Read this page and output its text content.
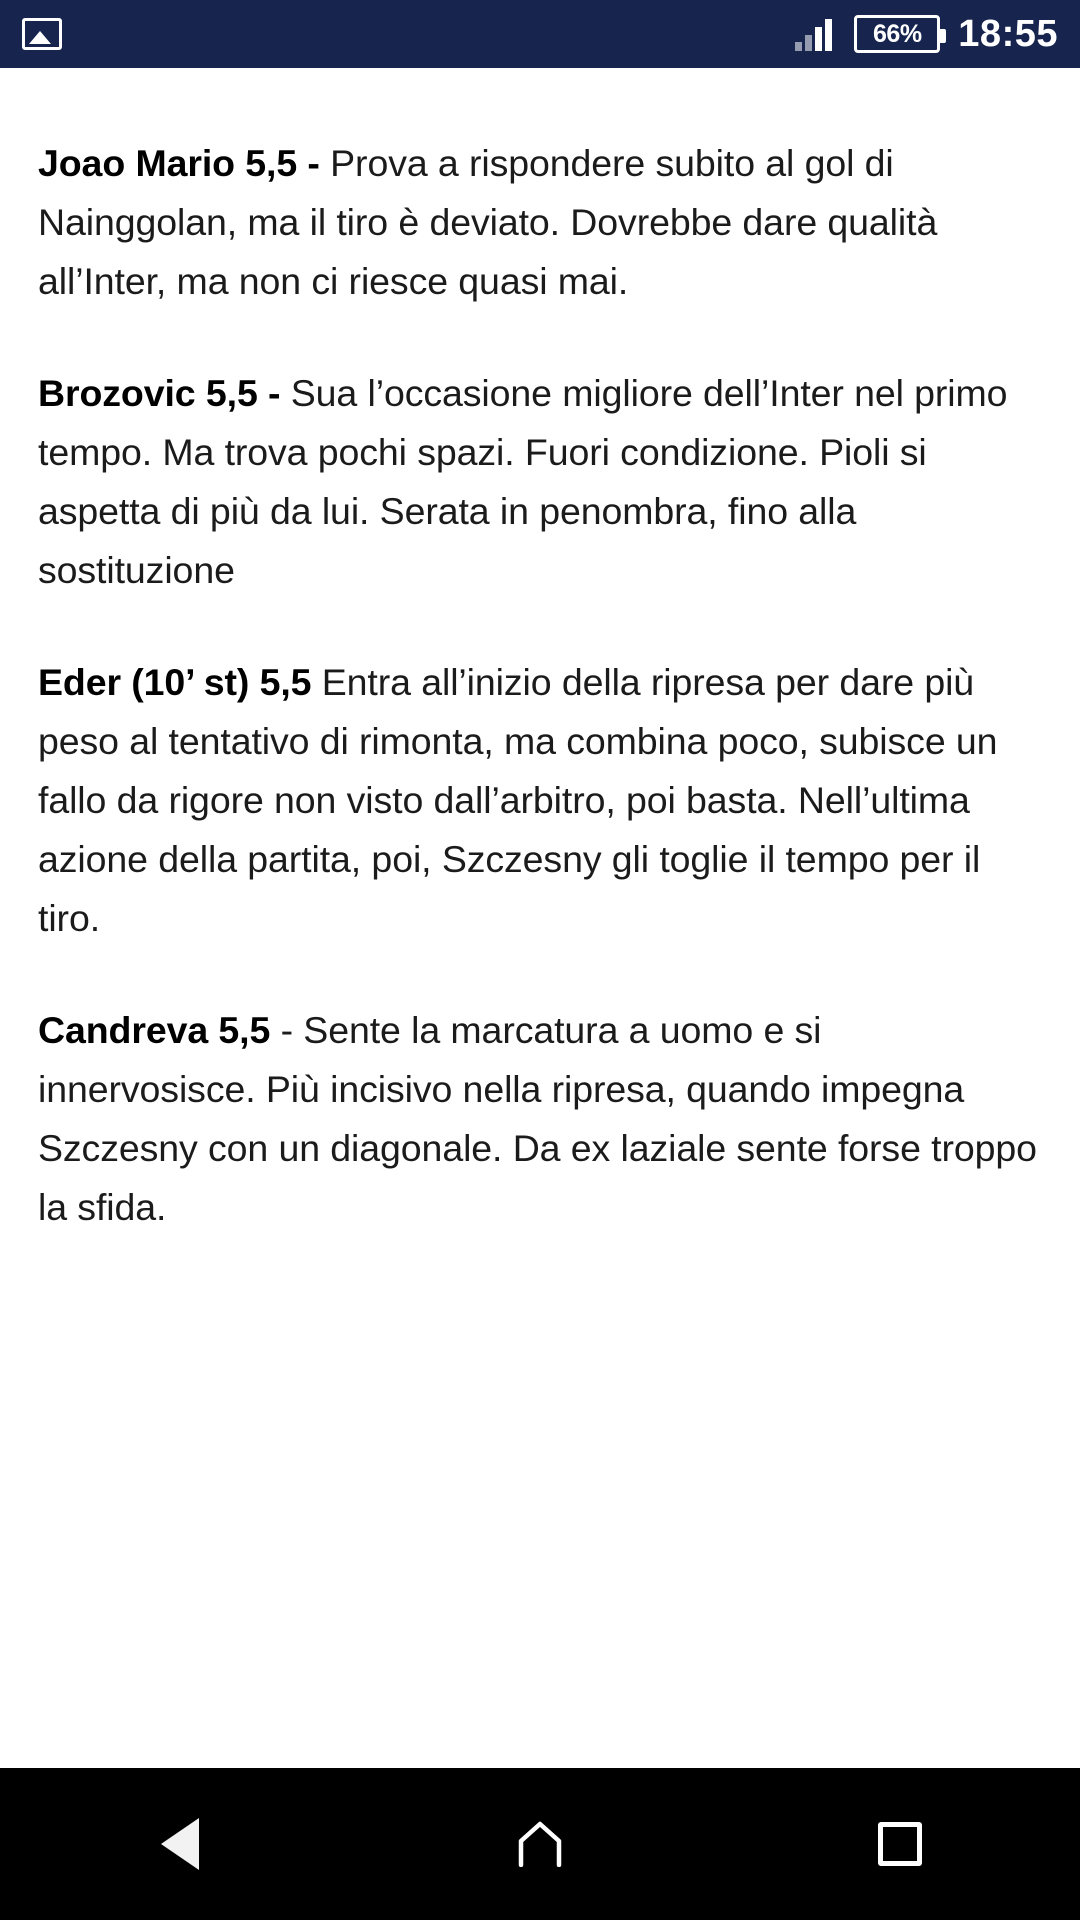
66% 18:55

Joao Mario 5,5 - Prova a rispondere subito al gol di Nainggolan, ma il tiro è deviato. Dovrebbe dare qualità all’Inter, ma non ci riesce quasi mai.

Brozovic 5,5 - Sua l’occasione migliore dell’Inter nel primo tempo. Ma trova pochi spazi. Fuori condizione. Pioli si aspetta di più da lui. Serata in penombra, fino alla sostituzione

Eder (10’ st) 5,5 Entra all’inizio della ripresa per dare più peso al tentativo di rimonta, ma combina poco, subisce un fallo da rigore non visto dall’arbitro, poi basta. Nell’ultima azione della partita, poi, Szczesny gli toglie il tempo per il tiro.

Candreva 5,5 - Sente la marcatura a uomo e si innervosisce. Più incisivo nella ripresa, quando impegna Szczesny con un diagonale. Da ex laziale sente forse troppo la sfida.
